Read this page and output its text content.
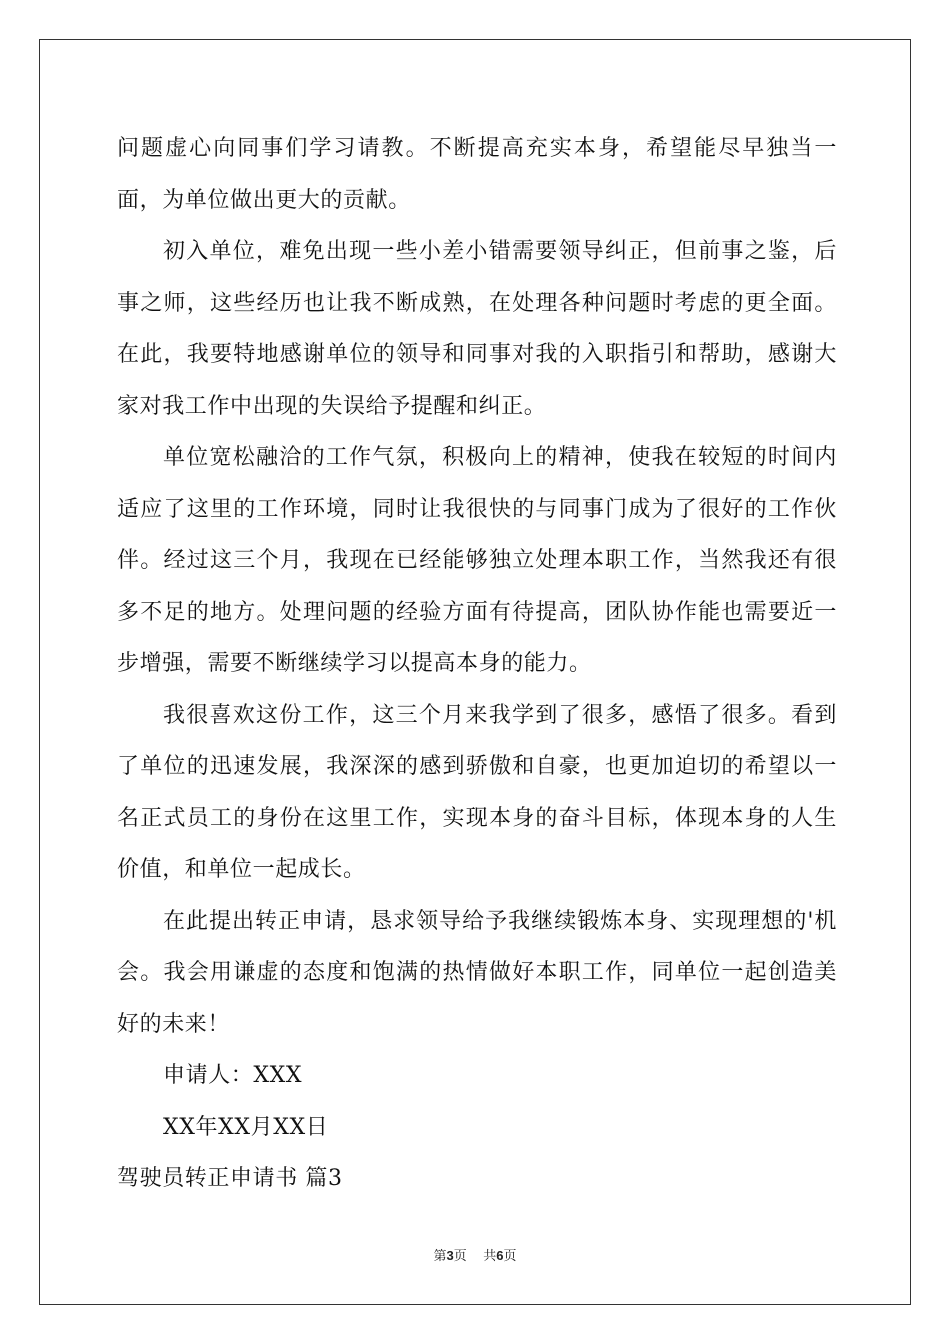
问题虚心向同事们学习请教。不断提高充实本身，希望能尽早独当一面，为单位做出更大的贡献。

初入单位，难免出现一些小差小错需要领导纠正，但前事之鉴，后事之师，这些经历也让我不断成熟，在处理各种问题时考虑的更全面。在此，我要特地感谢单位的领导和同事对我的入职指引和帮助，感谢大家对我工作中出现的失误给予提醒和纠正。

单位宽松融洽的工作气氛，积极向上的精神，使我在较短的时间内适应了这里的工作环境，同时让我很快的与同事门成为了很好的工作伙伴。经过这三个月，我现在已经能够独立处理本职工作，当然我还有很多不足的地方。处理问题的经验方面有待提高，团队协作能也需要近一步增强，需要不断继续学习以提高本身的能力。

我很喜欢这份工作，这三个月来我学到了很多，感悟了很多。看到了单位的迅速发展，我深深的感到骄傲和自豪，也更加迫切的希望以一名正式员工的身份在这里工作，实现本身的奋斗目标，体现本身的人生价值，和单位一起成长。

在此提出转正申请，恳求领导给予我继续锻炼本身、实现理想的'机会。我会用谦虚的态度和饱满的热情做好本职工作，同单位一起创造美好的未来！

申请人：XXX

XX年XX月XX日

驾驶员转正申请书 篇3

第3页 共6页
